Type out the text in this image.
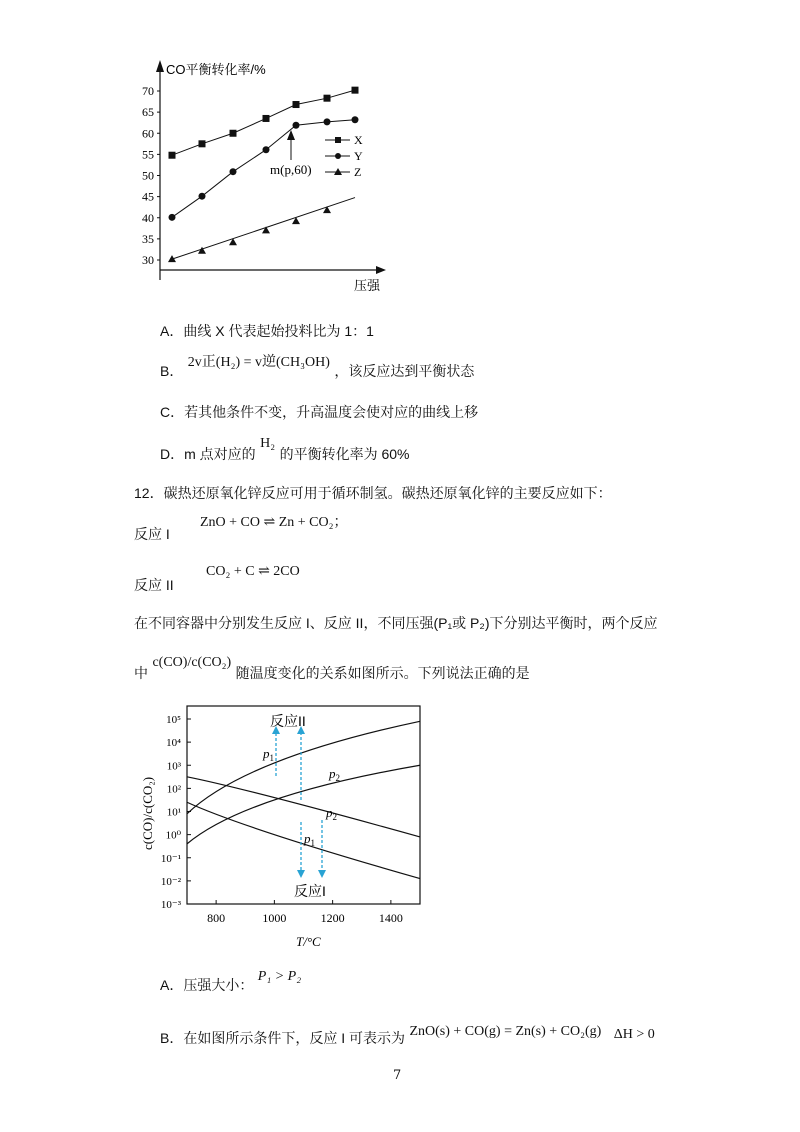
70
65
60
55
50
45
40
35
30
CO平衡转化率/%
压强
m(p,60)
X
Y
Z
A．曲线 X 代表起始投料比为 1：1
B． 2v正(H₂) = v逆(CH₃OH) ，该反应达到平衡状态
C．若其他条件不变，升高温度会使对应的曲线上移
D．m 点对应的 H₂ 的平衡转化率为 60%
12．碳热还原氧化锌反应可用于循环制氢。碳热还原氧化锌的主要反应如下：
ZnO + CO ⇌ Zn + CO₂；
反应 I
CO₂ + C ⇌ 2CO
反应 II
在不同容器中分别发生反应 I、反应 II，不同压强(P₁或 P₂)下分别达平衡时，两个反应
中 c(CO)/c(CO₂) 随温度变化的关系如图所示。下列说法正确的是
10⁵
10⁴
10³
10²
10¹
10⁰
10⁻¹
10⁻²
10⁻³
800	1000	1200	1400
反应II
反应I
$p_1$
$p_2$
$p_2$
$p_1$
T/°C
c(CO)/c(CO₂)
A．压强大小： P₁ > P₂
B．在如图所示条件下，反应 I 可表示为 ZnO(s) + CO(g) = Zn(s) + CO₂(g) ΔH > 0
7
